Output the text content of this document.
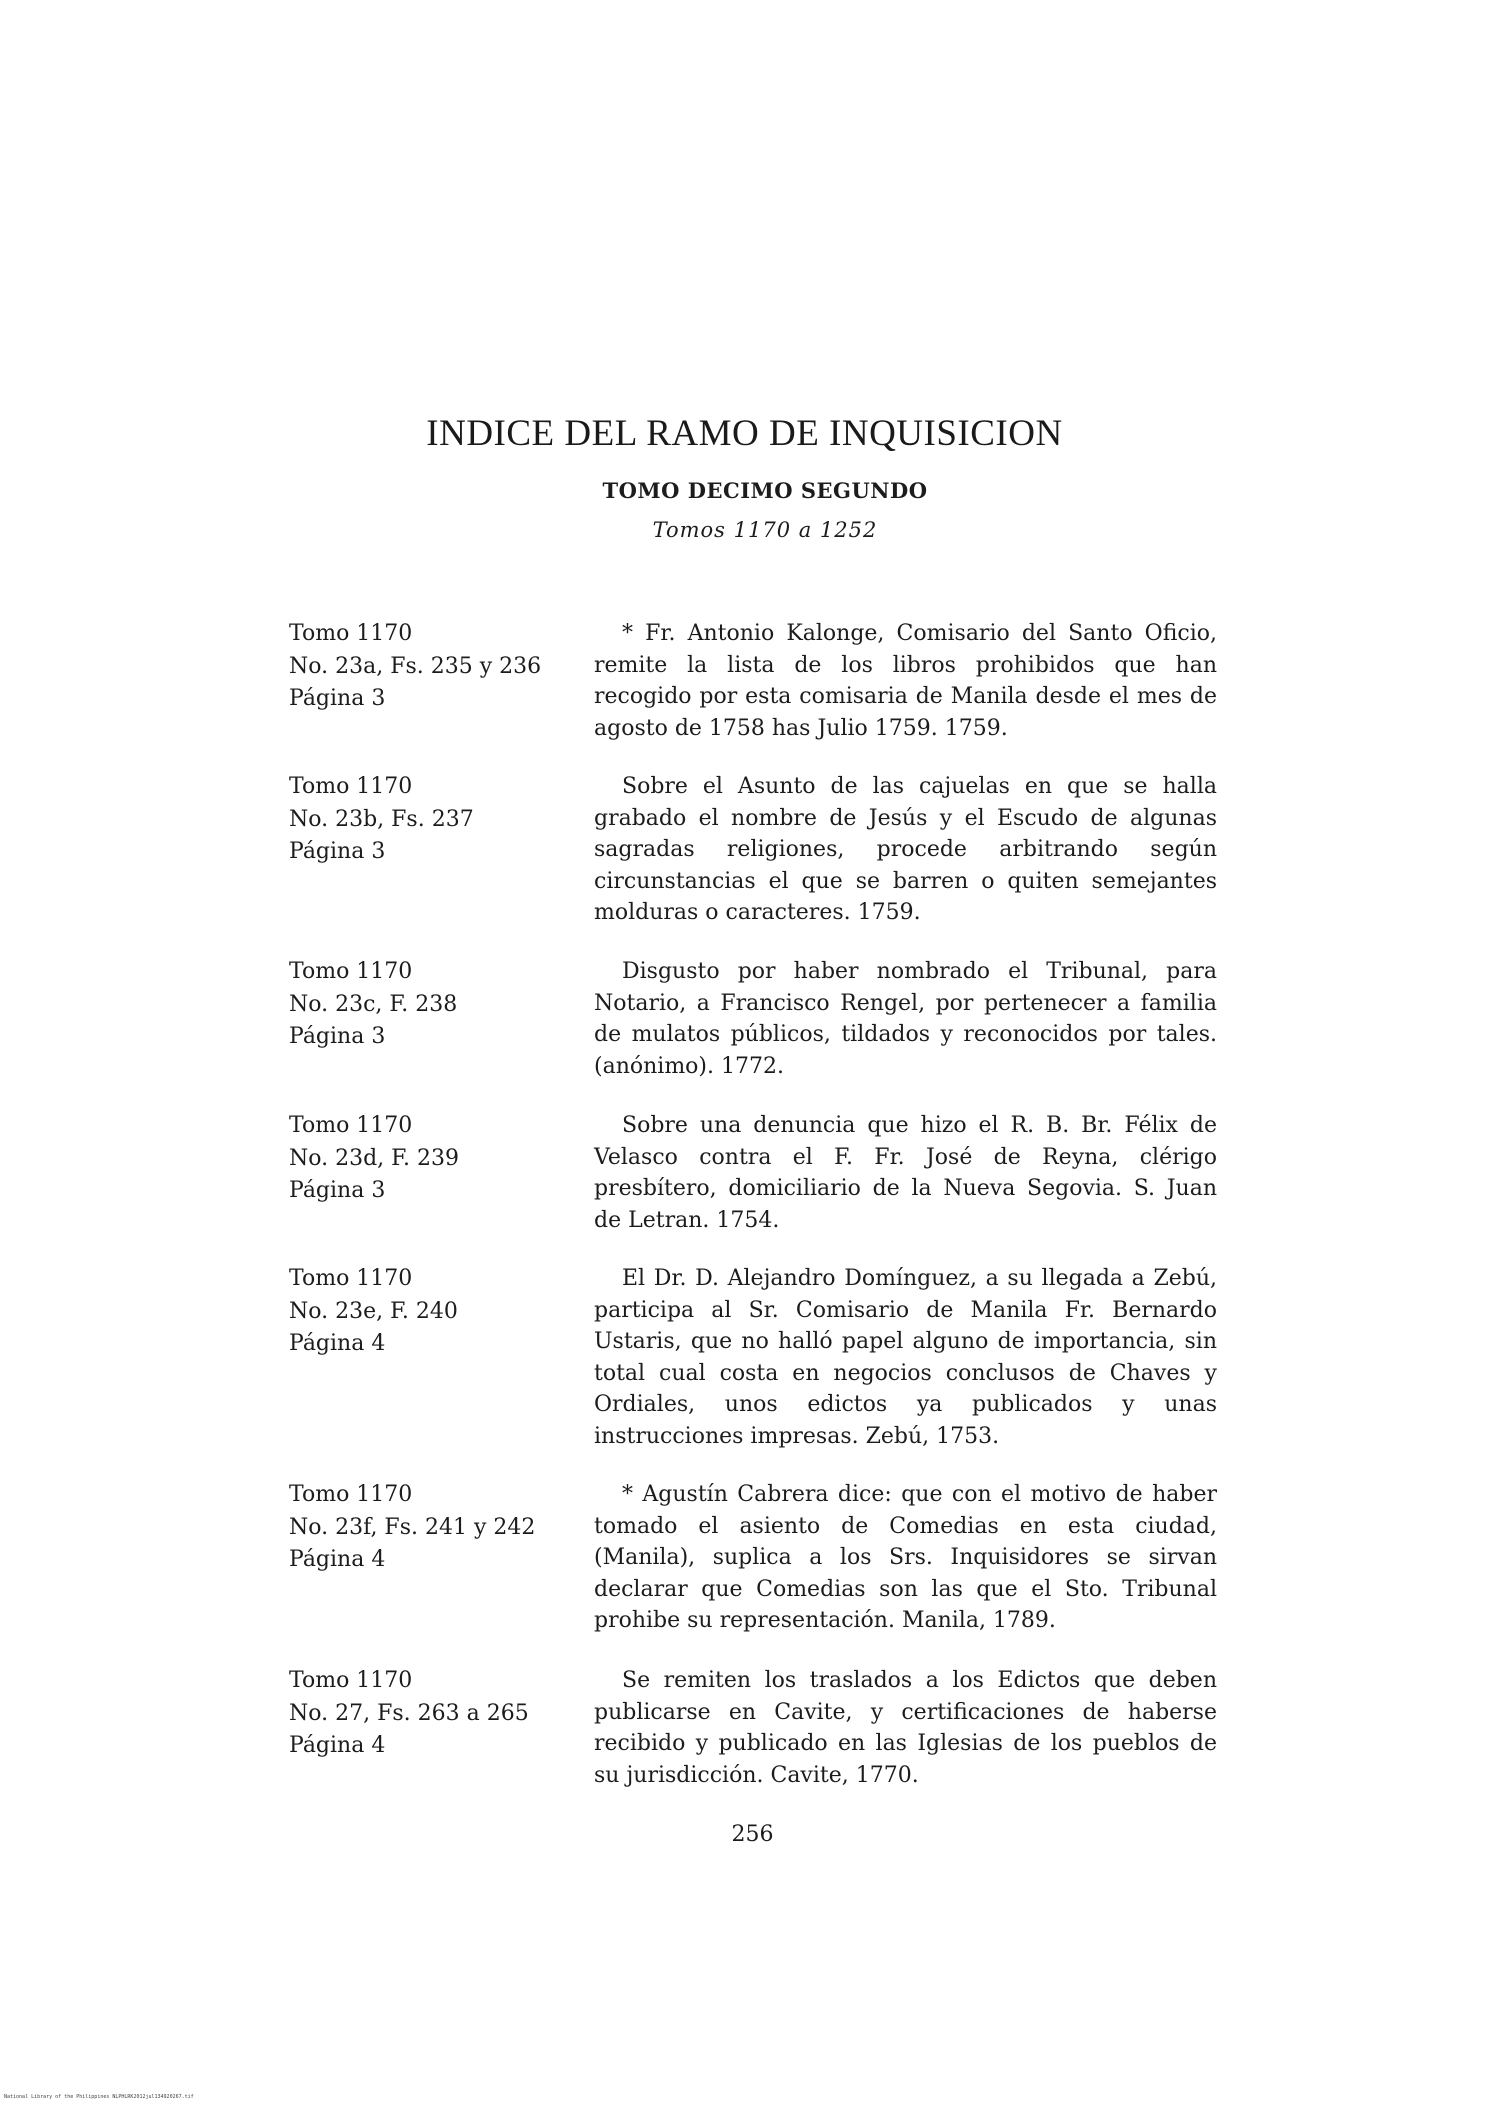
INDICE DEL RAMO DE INQUISICION
TOMO DECIMO SEGUNDO
Tomos 1170 a 1252
Tomo 1170
No. 23a, Fs. 235 y 236
Página 3
* Fr. Antonio Kalonge, Comisario del Santo Oficio, remite la lista de los libros prohibidos que han recogido por esta comisaria de Manila desde el mes de agosto de 1758 has Julio 1759. 1759.
Tomo 1170
No. 23b, Fs. 237
Página 3
Sobre el Asunto de las cajuelas en que se halla grabado el nombre de Jesús y el Escudo de algunas sagradas religiones, procede arbitrando según circunstancias el que se barren o quiten semejantes molduras o caracteres. 1759.
Tomo 1170
No. 23c, F. 238
Página 3
Disgusto por haber nombrado el Tribunal, para Notario, a Francisco Rengel, por pertenecer a familia de mulatos públicos, tildados y reconocidos por tales. (anónimo). 1772.
Tomo 1170
No. 23d, F. 239
Página 3
Sobre una denuncia que hizo el R. B. Br. Félix de Velasco contra el F. Fr. José de Reyna, clérigo presbítero, domiciliario de la Nueva Segovia. S. Juan de Letran. 1754.
Tomo 1170
No. 23e, F. 240
Página 4
El Dr. D. Alejandro Domínguez, a su llegada a Zebú, participa al Sr. Comisario de Manila Fr. Bernardo Ustaris, que no halló papel alguno de importancia, sin total cual costa en negocios conclusos de Chaves y Ordiales, unos edictos ya publicados y unas instrucciones impresas. Zebú, 1753.
Tomo 1170
No. 23f, Fs. 241 y 242
Página 4
* Agustín Cabrera dice: que con el motivo de haber tomado el asiento de Comedias en esta ciudad, (Manila), suplica a los Srs. Inquisidores se sirvan declarar que Comedias son las que el Sto. Tribunal prohibe su representación. Manila, 1789.
Tomo 1170
No. 27, Fs. 263 a 265
Página 4
Se remiten los traslados a los Edictos que deben publicarse en Cavite, y certificaciones de haberse recibido y publicado en las Iglesias de los pueblos de su jurisdicción. Cavite, 1770.
256
National Library of the Philippines NLPHLRK2012jul134920267.tif
